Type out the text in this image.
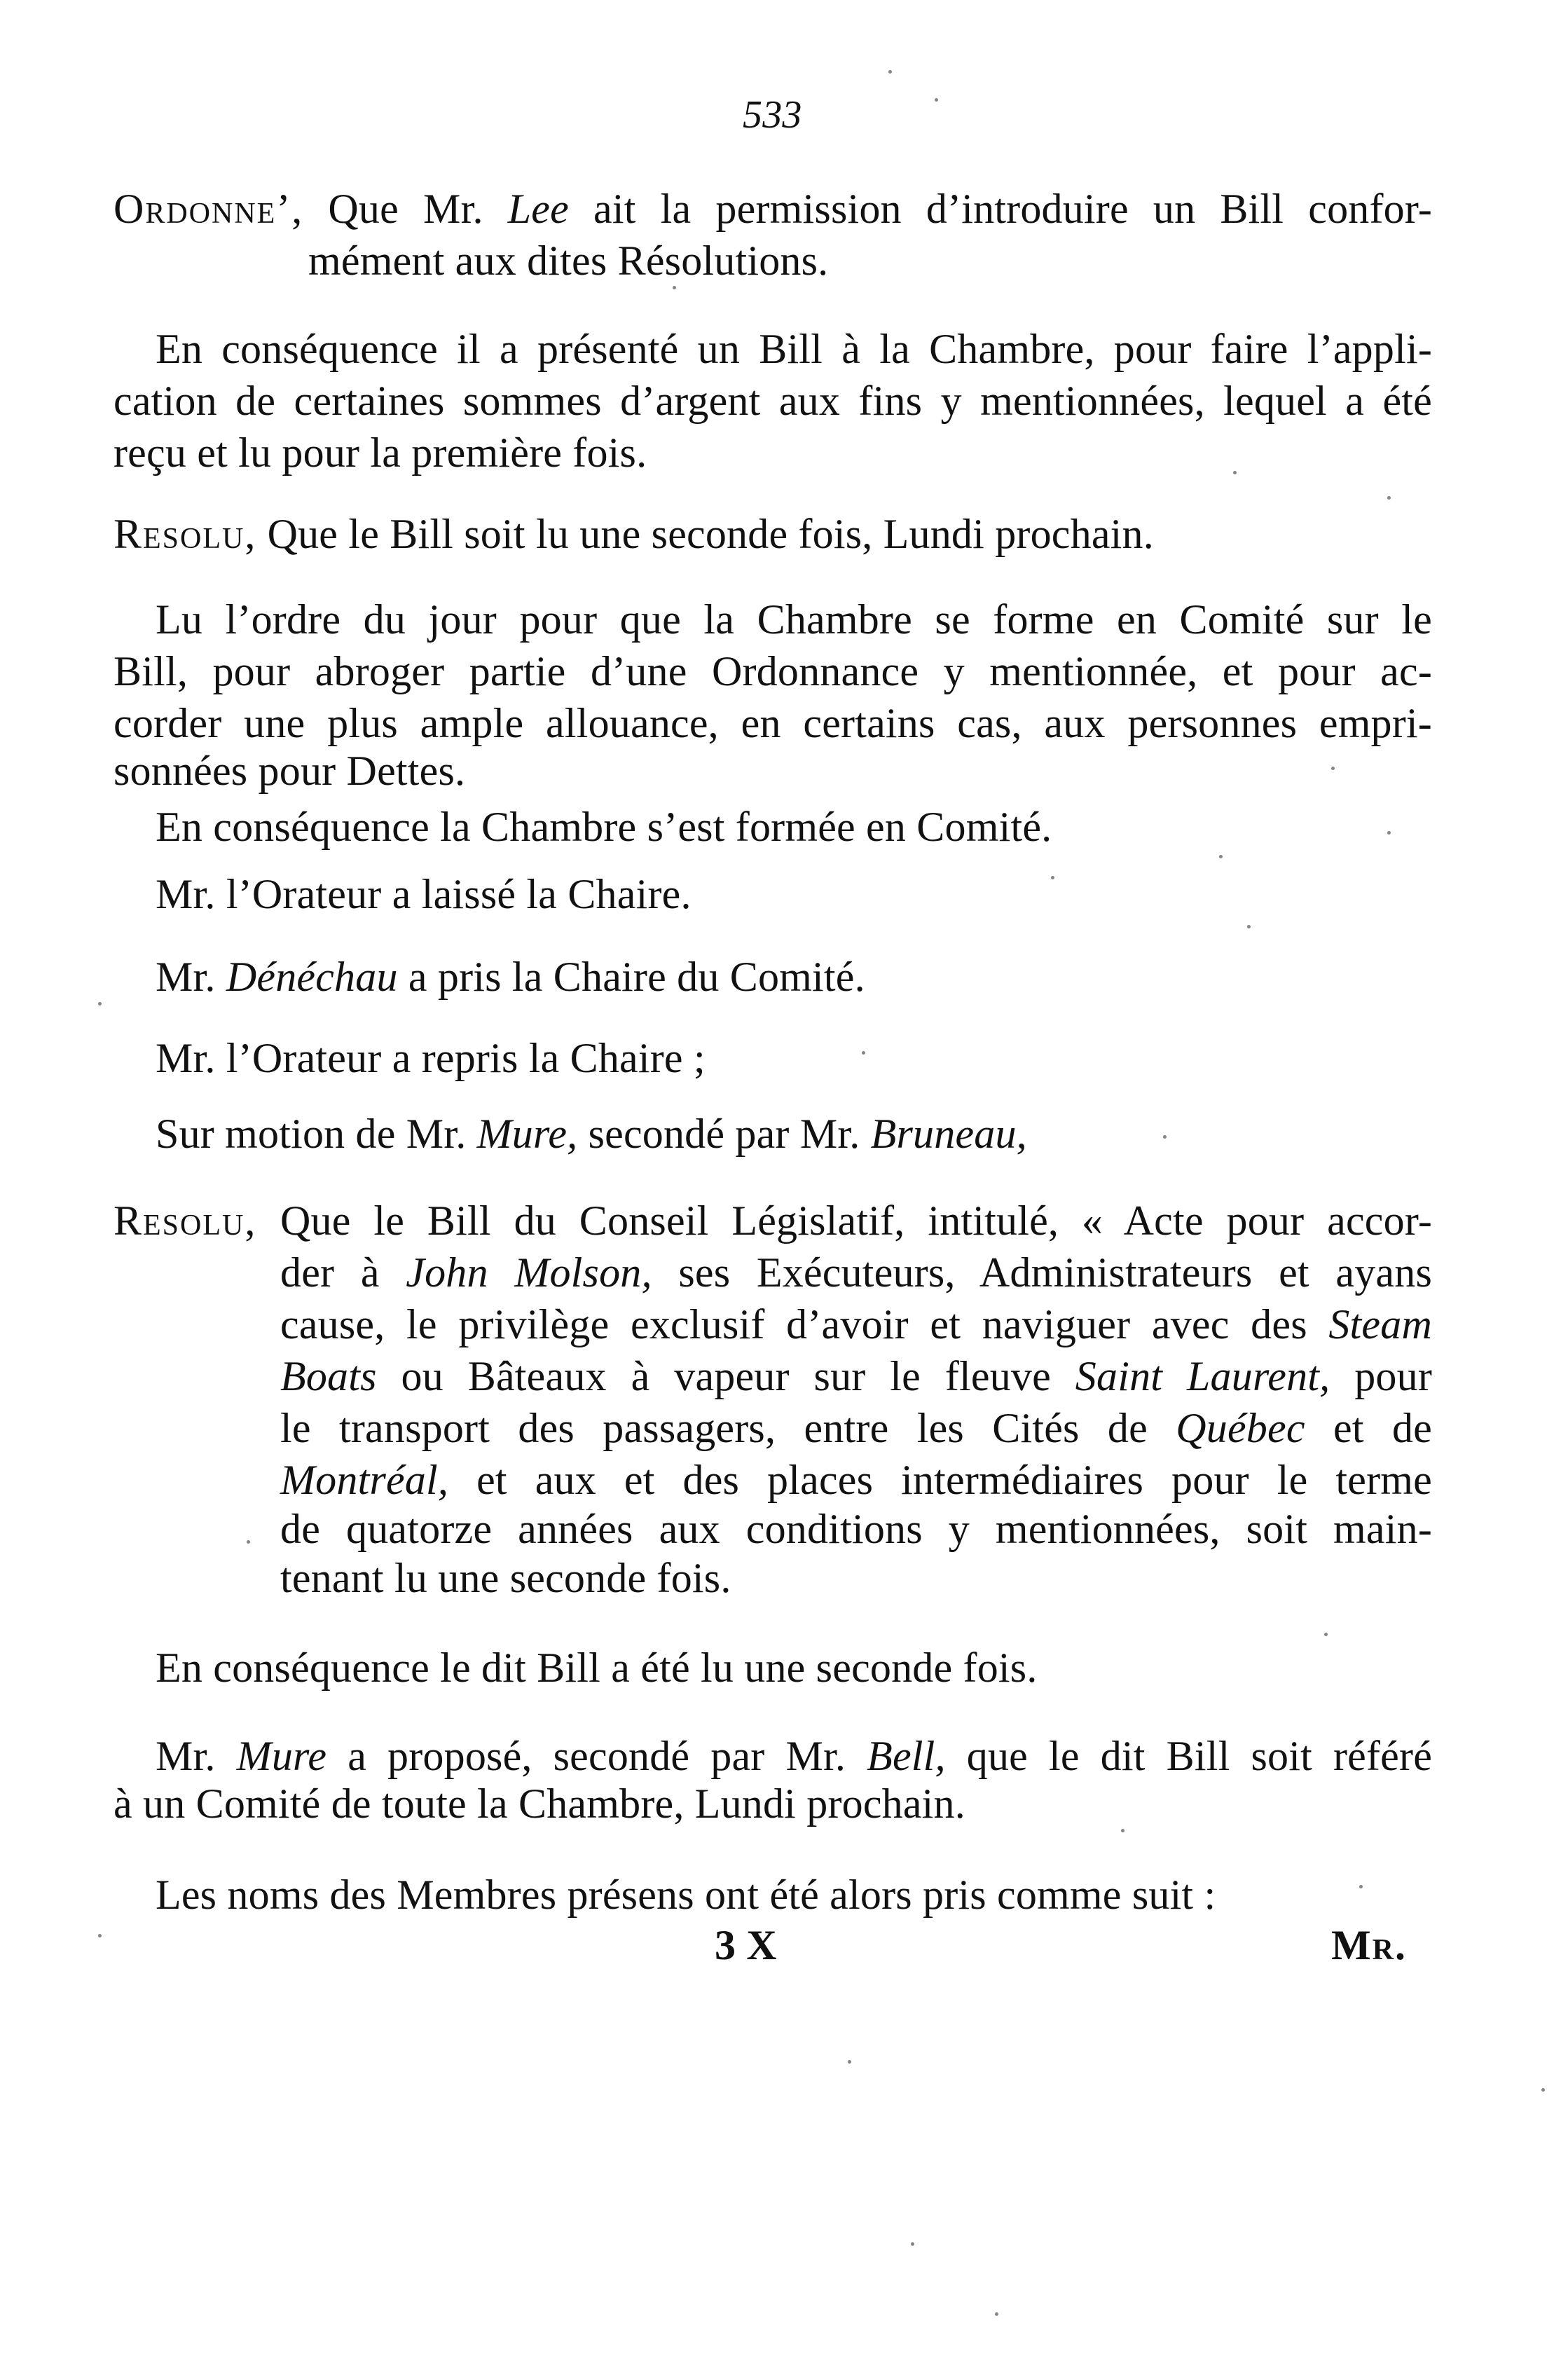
533
Ordonne’, Que Mr. Lee ait la permission d’introduire un Bill confor-
mément aux dites Résolutions.
En conséquence il a présenté un Bill à la Chambre, pour faire l’appli-
cation de certaines sommes d’argent aux fins y mentionnées, lequel a été
reçu et lu pour la première fois.
Resolu, Que le Bill soit lu une seconde fois, Lundi prochain.
Lu l’ordre du jour pour que la Chambre se forme en Comité sur le
Bill, pour abroger partie d’une Ordonnance y mentionnée, et pour ac-
corder une plus ample allouance, en certains cas, aux personnes empri-
sonnées pour Dettes.
En conséquence la Chambre s’est formée en Comité.
Mr. l’Orateur a laissé la Chaire.
Mr. Dénéchau a pris la Chaire du Comité.
Mr. l’Orateur a repris la Chaire ;
Sur motion de Mr. Mure, secondé par Mr. Bruneau,
Resolu, Que le Bill du Conseil Législatif, intitulé, « Acte pour accor-
der à John Molson, ses Exécuteurs, Administrateurs et ayans
cause, le privilège exclusif d’avoir et naviguer avec des Steam
Boats ou Bâteaux à vapeur sur le fleuve Saint Laurent, pour
le transport des passagers, entre les Cités de Québec et de
Montréal, et aux et des places intermédiaires pour le terme
de quatorze années aux conditions y mentionnées, soit main-
tenant lu une seconde fois.
En conséquence le dit Bill a été lu une seconde fois.
Mr. Mure a proposé, secondé par Mr. Bell, que le dit Bill soit référé
à un Comité de toute la Chambre, Lundi prochain.
Les noms des Membres présens ont été alors pris comme suit :
3 X	Mr.
